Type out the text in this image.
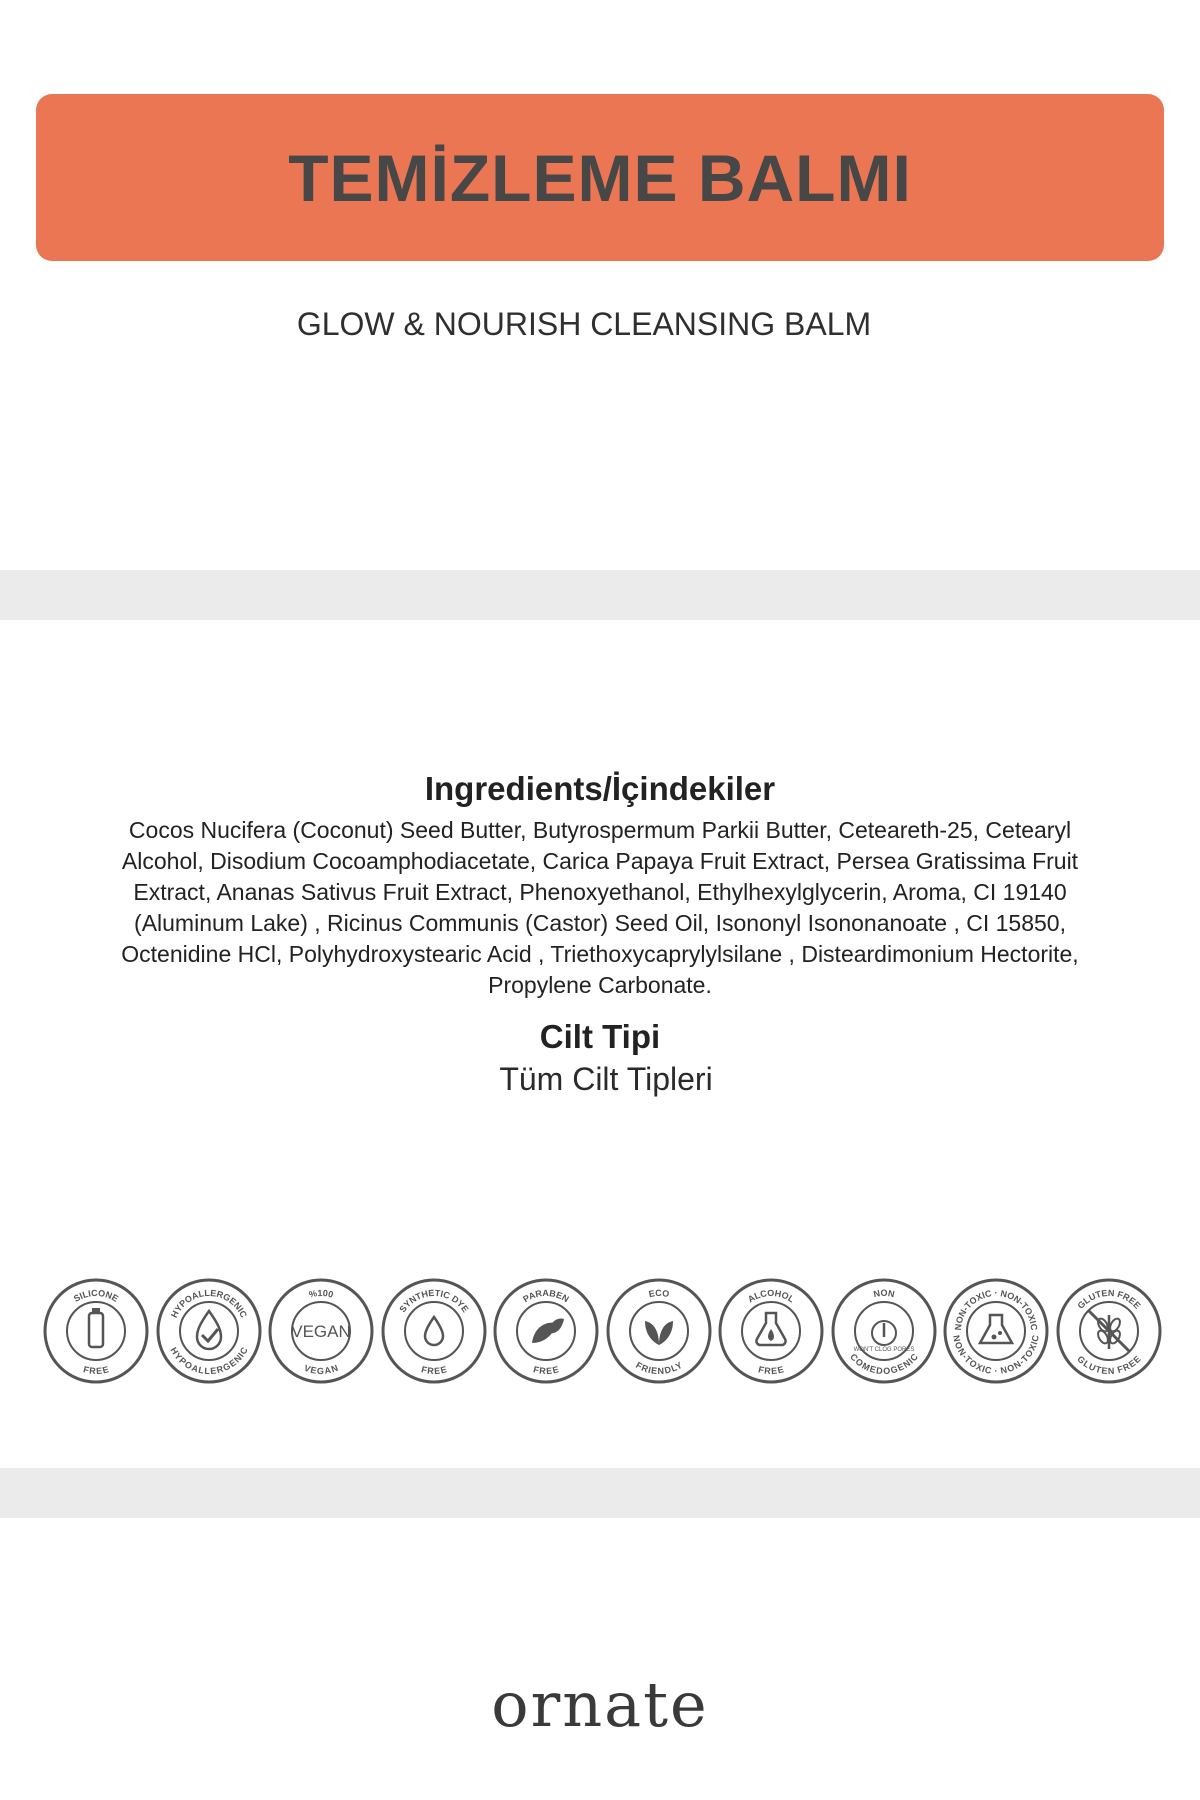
TEMİZLEME BALMI
GLOW & NOURISH CLEANSING BALM
Ingredients/İçindekiler
Cocos Nucifera (Coconut) Seed Butter, Butyrospermum Parkii Butter, Ceteareth-25, Cetearyl Alcohol, Disodium Cocoamphodiacetate, Carica Papaya Fruit Extract, Persea Gratissima Fruit Extract, Ananas Sativus Fruit Extract, Phenoxyethanol, Ethylhexylglycerin, Aroma, CI 19140 (Aluminum Lake) , Ricinus Communis (Castor) Seed Oil, Isononyl Isononanoate , CI 15850, Octenidine HCl, Polyhydroxystearic Acid , Triethoxycaprylylsilane , Disteardimonium Hectorite, Propylene Carbonate.
Cilt Tipi
Tüm Cilt Tipleri
SILICONE
FREE
HYPOALLERGENIC
HYPOALLERGENIC
%100
VEGAN
VEGAN
SYNTHETIC DYE
FREE
PARABEN
FREE
ECO
FRIENDLY
ALCOHOL
FREE
NON
COMEDOGENIC
WON'T CLOG PORES
NON-TOXIC · NON-TOXIC
NON-TOXIC · NON-TOXIC
GLUTEN FREE
GLUTEN FREE
ornate
